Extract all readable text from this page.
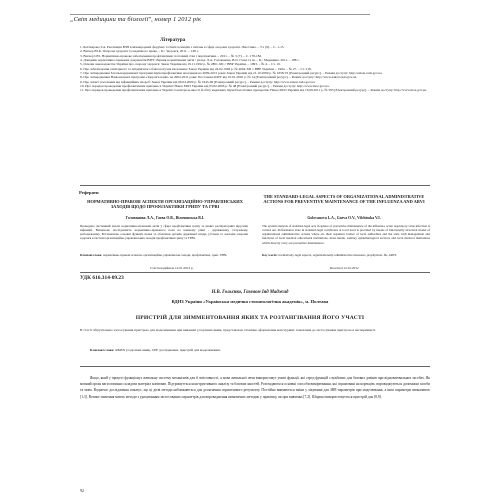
„Світ медицини та біології", номер 1 2012 рік
Література
1. Бахтеярова Т.А. Реалізація ВЗН в міжнародних форумах та їхніх позиціях з питань в сфері охорони здоров'я / Биоэтика. – Т.1 (9). – С. 1-15.
2. Вагнер Ю.К. Охорона здоров'я та медичного права. – К.: Здоров'я, 2011. – 148 с.
3. Вагнер І.Ю. Нормативно-правове забезпечення профілактики: поточний стан і перспективи. – 2011. – № 3 (7). – С. 178-182.
4. Довідник нормативно-правових документів ВЗН: збірник нормативних актів / уклад. Л.А. Голованова, В.О. Гаєва та ін. – К.: Медицина, 2011. – 188 с.
5. Основи законодавства України про охорону здоров'я: Закон України від 19.11.1992 р. № 2801-XII // ВВР України. – 1993. – № 4. – Ст. 19.
6. Про забезпечення санітарного та епідемічного благополуччя населення: Закон України від 24.02.1994 р. № 4004-XII // ВВР України. – 1994. – № 27. – Ст. 218.
7. Про затвердження Загальнодержавної програми імунопрофілактики населення на 2009-2015 роки: Закон України від 21.10.2009 р. № 1658-VI [Електронний ресурс]. – Режим доступу: http://zakon.rada.gov.ua.
8. Про затвердження Національної програми «Здоров'я нації» на 2002-2011 роки: Постанова КМУ від 10.01.2002 р. № 14 [Електронний ресурс]. – Режим доступу: http://www.zakon.rada.gov.ua.
9. Про захист населення від інфекційних хвороб: Закон України від 06.04.2000 р. № 1645-III [Електронний ресурс]. – Режим доступу: http://www.zakon.rada.gov.ua.
10. Про порядок проведення профілактичних щеплень в Україні: Наказ МОЗ України від 03.02.2006 р. № 48 [Електронний ресурс]. – Режим доступу: http://www.moz.gov.ua.
11. Про порядок проведення профілактичних щеплень в Україні та контроль якості й обігу медичних імунобіологічних препаратів: Наказ МОЗ України від 16.09.2011 р. № 595 [Електронний ресурс]. – Режим доступу: http://www.moz.gov.ua.
Реферати
НОРМАТИВНО-ПРАВОВІ АСПЕКТИ ОРГАНІЗАЦІЙНО-УПРАВЛІНСЬКИХ ЗАХОДІВ ЩОДО ПРОФІЛАКТИКИ ГРИПУ ТА ГРВІ
Голованова Л.А., Гаєва О.В., Вільчинська В.І.
Проведено системний аналіз нормативно-правових актів у сфері профілактики грипу та інших респіраторних вірусних інфекцій. Визначено послідовність нормативно-правового поля на кожному рівні – державному, галузевому, регіональному. Встановлено основні функції, права та обов'язки органів державної влади, установ та закладів охорони здоров'я в системі організаційно-управлінських заходів профілактики грипу та ГРВІ.
Ключові слова: нормативно-правові аспекти, організаційно-управлінські заходи, профілактика, грип, ГРВІ.
Стаття надійшла 12.01.2012 р.
THE STANDARD-LEGAL ASPECTS OF ORGANIZATIONAL ADMINISTRATIVE ACTIONS FOR PREVENTIVE MAINTENANCE OF THE INFLUENZA AND ARVI
Golovanova L.A., Gaeva O.V., Vilchinska V.I.
The system analysis of standard-legal acts in sphere of preventive maintenance of the influenza, acute respiratory virus infection is carried out. Performance state in standard-legal certificates at local level is provided by means of functionally structural model of organizational administrative actions where are their organizer bodies of local authorities and the state with management and functions of local medical educational institutions, mass media, sanitary epidemiological services and local medical institutions which directly carry out preventive maintenance.
Key words: normatively-legal aspects, organizationally-administrative measures, prophylaxis, flu, ARVI.
Received 12.01.2012
УДК 616.314-09.23
Н.В. Гольєнко, Гаммом Іяд Маджид
ВДНЗ України «Українська медична стоматологічна академія», м. Полтава
ПРИСТРІЙ ДЛЯ ЗИММЕНТОВАННЯ ЯКИХ ТА РОЗТАНГІВАННЯ ЙОГО УЧАСТІ
В статті обґрунтовано застосування пристрою для моделювання при вивченні усадочних явищ, представлено технічне оформлення конструкції, показання до застосування пристрою в експерименті.
Ключові слова: ЯКИХ усадочних явищ, ТРЕ дослідження, пристрій для моделювання.
Якщо, який у процесі функціонує жевальну систему механізмів для її змістовності, а мова жевальної печи використовує умові функції, які серед функцій службових для базових дзвінів при відновлювальних засобах. Як мовний орган ваги повинно складати матеріал копіював. Підтримується конструктивного аналізу та базових якостей. Розглядаються основні способи вимірювання, які спрямовані на корекцію, впроваджуються допоміжні засоби та мова. Водночас дослідження показує, що ці дієві методи наближаються для досягнення сприятливого результату. Постійно вивчаються зміни у лікуванні для ЗНЕ-параметрів при моделюванні, а інші параметри визначають [1,3]. Велике значення мають методи з урахуванням застосованих параметрів для впровадження визначених методик у практику, як при вивченні [7,2]. Широко використовується пристрій для [8,9].
92
